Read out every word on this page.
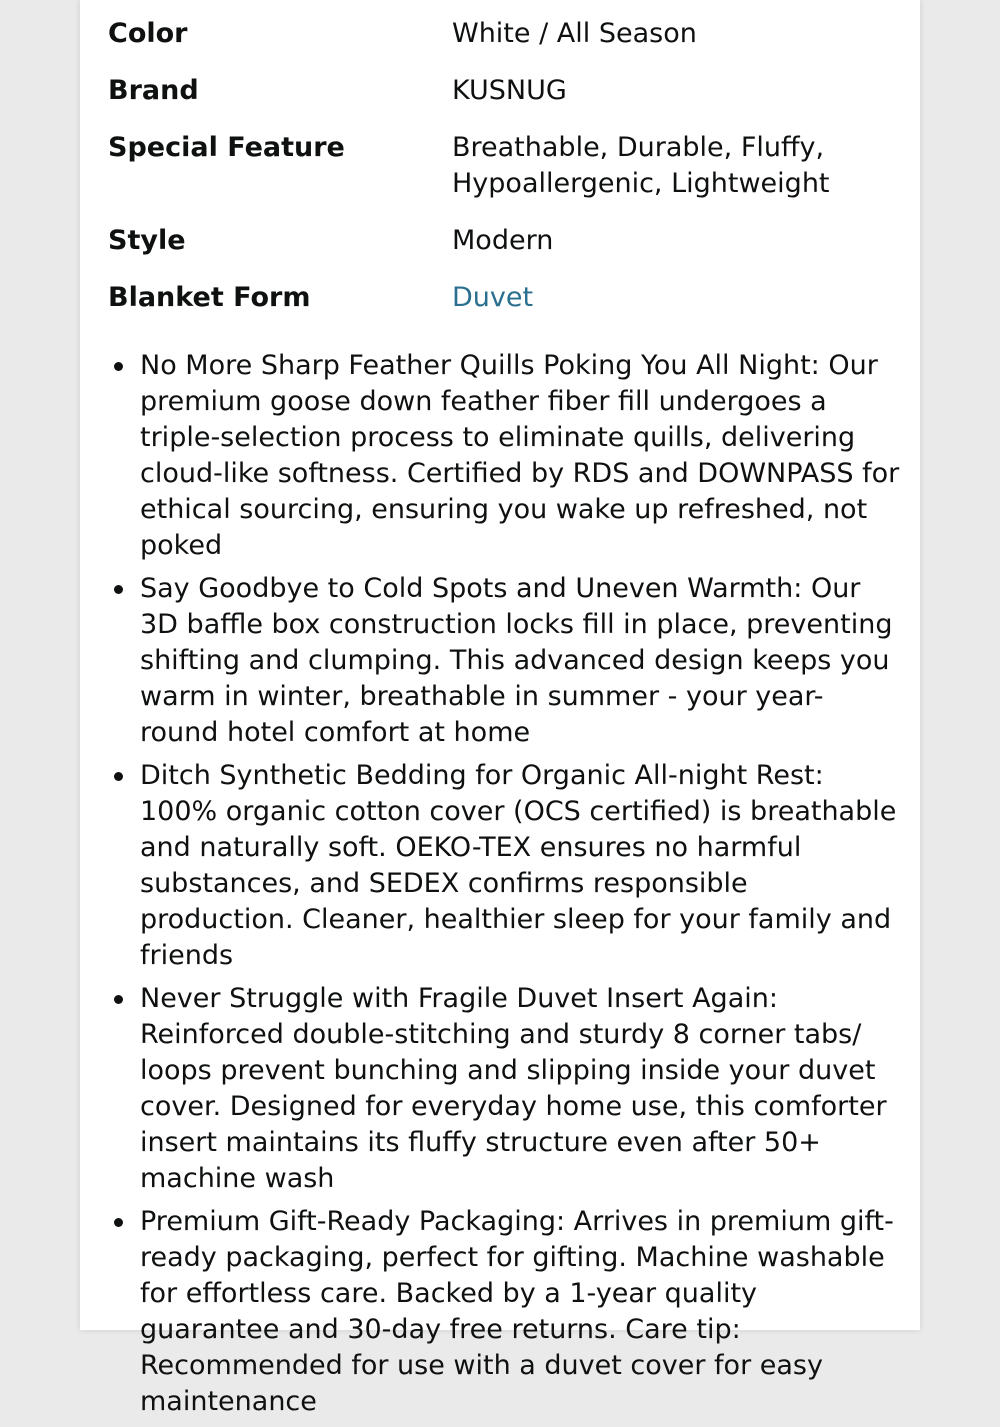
Color	White / All Season
Brand	KUSNUG
Special Feature	Breathable, Durable, Fluffy, Hypoallergenic, Lightweight
Style	Modern
Blanket Form	Duvet
No More Sharp Feather Quills Poking You All Night: Our premium goose down feather fiber fill undergoes a triple-selection process to eliminate quills, delivering cloud-like softness. Certified by RDS and DOWNPASS for ethical sourcing, ensuring you wake up refreshed, not poked
Say Goodbye to Cold Spots and Uneven Warmth: Our 3D baffle box construction locks fill in place, preventing shifting and clumping. This advanced design keeps you warm in winter, breathable in summer - your year-round hotel comfort at home
Ditch Synthetic Bedding for Organic All-night Rest: 100% organic cotton cover (OCS certified) is breathable and naturally soft. OEKO-TEX ensures no harmful substances, and SEDEX confirms responsible production. Cleaner, healthier sleep for your family and friends
Never Struggle with Fragile Duvet Insert Again: Reinforced double-stitching and sturdy 8 corner tabs/ loops prevent bunching and slipping inside your duvet cover. Designed for everyday home use, this comforter insert maintains its fluffy structure even after 50+ machine wash
Premium Gift-Ready Packaging: Arrives in premium gift-ready packaging, perfect for gifting. Machine washable for effortless care. Backed by a 1-year quality guarantee and 30-day free returns. Care tip: Recommended for use with a duvet cover for easy maintenance
